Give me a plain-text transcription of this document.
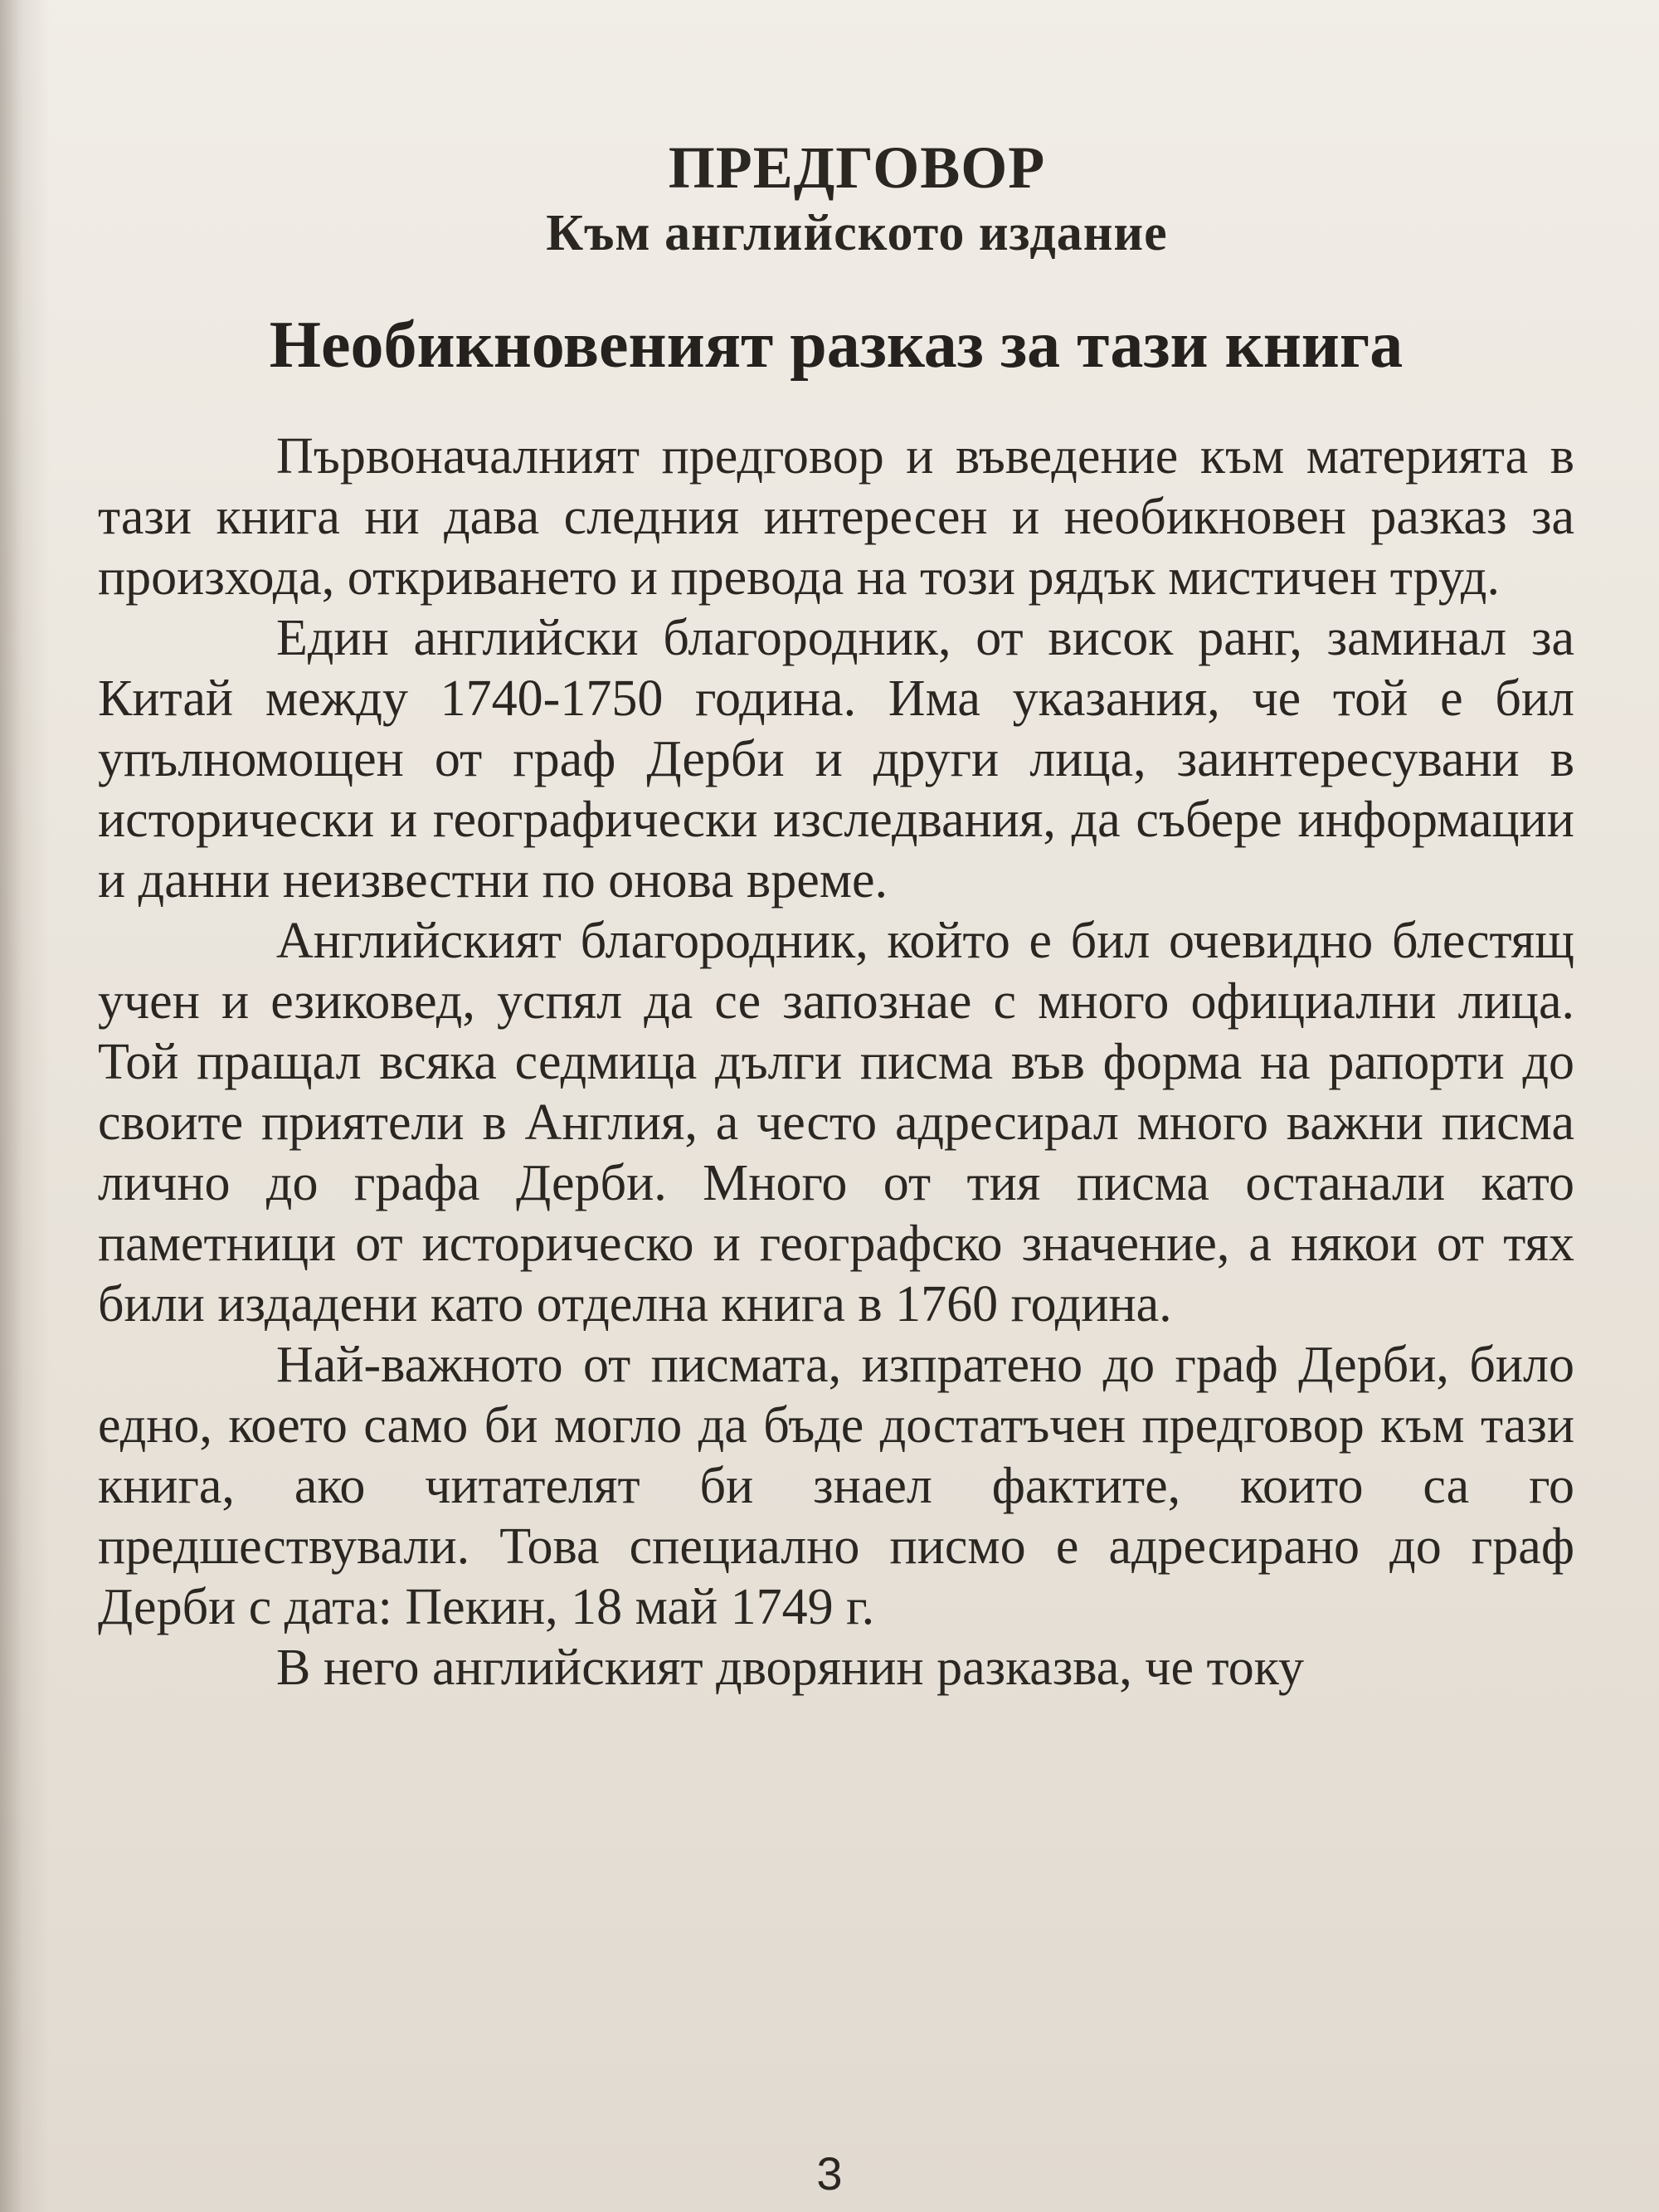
ПРЕДГОВОР
Към английското издание
Необикновеният разказ за тази книга

Първоначалният предговор и въведение към материята в тази книга ни дава следния интересен и необикновен разказ за произхода, откриването и превода на този рядък мистичен труд.

Един английски благородник, от висок ранг, заминал за Китай между 1740-1750 година. Има указания, че той е бил упълномощен от граф Дерби и други лица, заинтересувани в исторически и географически изследвания, да събере информации и данни неизвестни по онова време.

Английският благородник, който е бил очевидно блестящ учен и езиковед, успял да се запознае с много официални лица. Той пращал всяка седмица дълги писма във форма на рапорти до своите приятели в Англия, а често адресирал много важни писма лично до графа Дерби. Много от тия писма останали като паметници от историческо и географско значение, а някои от тях били издадени като отделна книга в 1760 година.

Най-важното от писмата, изпратено до граф Дерби, било едно, което само би могло да бъде достатъчен предговор към тази книга, ако читателят би знаел фактите, които са го предшествували. Това специално писмо е адресирано до граф Дерби с дата: Пекин, 18 май 1749 г.

В него английският дворянин разказва, че току

3
